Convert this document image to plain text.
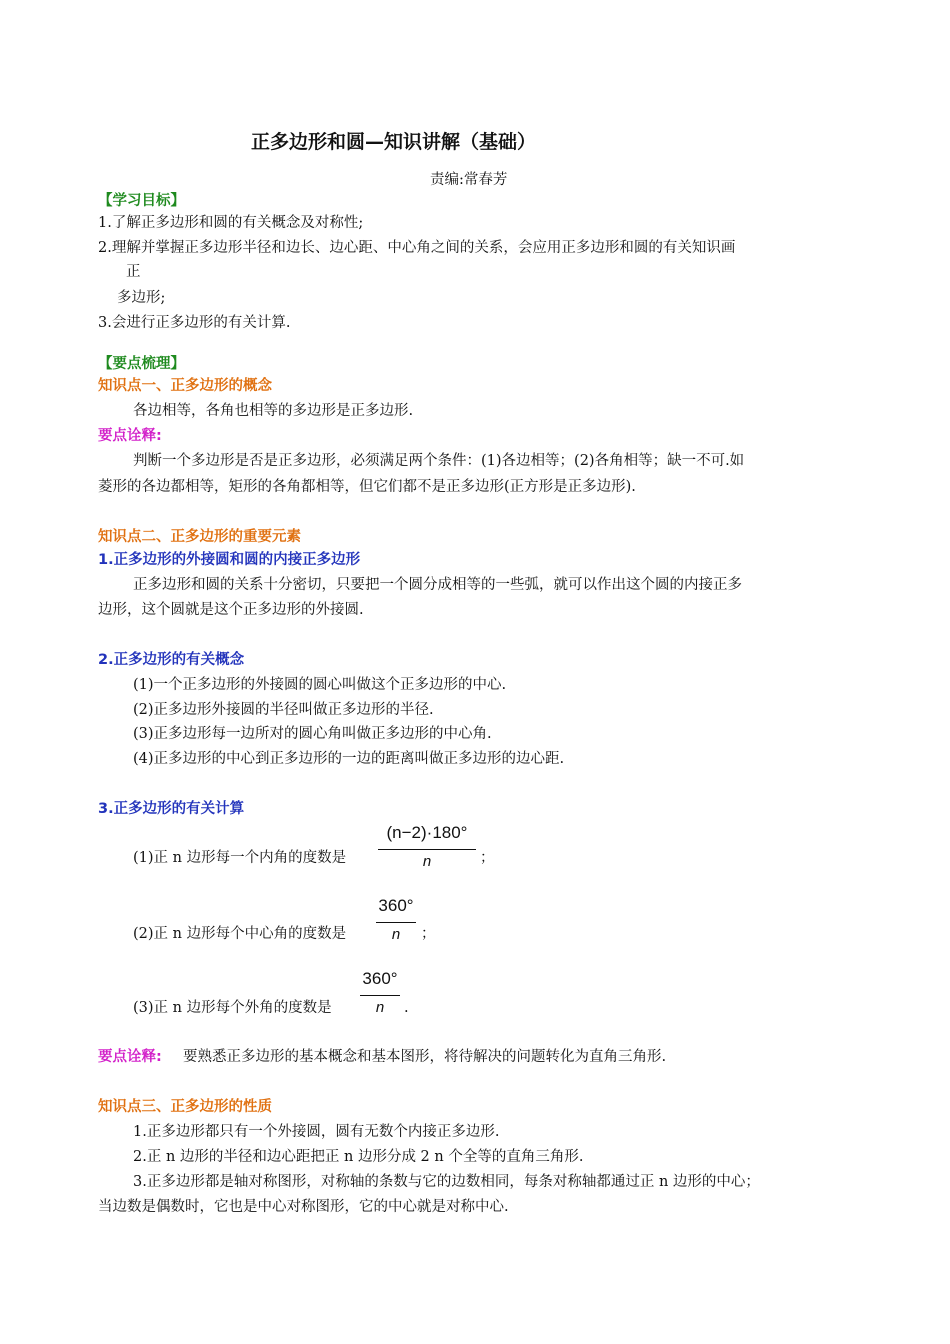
正多边形和圆—知识讲解（基础）
责编:常春芳
【学习目标】
1.了解正多边形和圆的有关概念及对称性;
2.理解并掌握正多边形半径和边长、边心距、中心角之间的关系，会应用正多边形和圆的有关知识画
正
多边形;
3.会进行正多边形的有关计算.
【要点梳理】
知识点一、正多边形的概念
各边相等，各角也相等的多边形是正多边形.
要点诠释:
判断一个多边形是否是正多边形，必须满足两个条件：(1)各边相等；(2)各角相等；缺一不可.如
菱形的各边都相等，矩形的各角都相等，但它们都不是正多边形(正方形是正多边形).
知识点二、正多边形的重要元素
1.正多边形的外接圆和圆的内接正多边形
正多边形和圆的关系十分密切，只要把一个圆分成相等的一些弧，就可以作出这个圆的内接正多
边形，这个圆就是这个正多边形的外接圆.
2.正多边形的有关概念
(1)一个正多边形的外接圆的圆心叫做这个正多边形的中心.
(2)正多边形外接圆的半径叫做正多边形的半径.
(3)正多边形每一边所对的圆心角叫做正多边形的中心角.
(4)正多边形的中心到正多边形的一边的距离叫做正多边形的边心距.
3.正多边形的有关计算
(1)正 n 边形每一个内角的度数是
(n−2)·180°
n	；
(2)正 n 边形每个中心角的度数是
360°
n	；
(3)正 n 边形每个外角的度数是
360°
n	.
要点诠释: 要熟悉正多边形的基本概念和基本图形，将待解决的问题转化为直角三角形.
知识点三、正多边形的性质
1.正多边形都只有一个外接圆，圆有无数个内接正多边形.
2.正 n 边形的半径和边心距把正 n 边形分成 2 n 个全等的直角三角形.
3.正多边形都是轴对称图形，对称轴的条数与它的边数相同，每条对称轴都通过正 n 边形的中心；
当边数是偶数时，它也是中心对称图形，它的中心就是对称中心.
